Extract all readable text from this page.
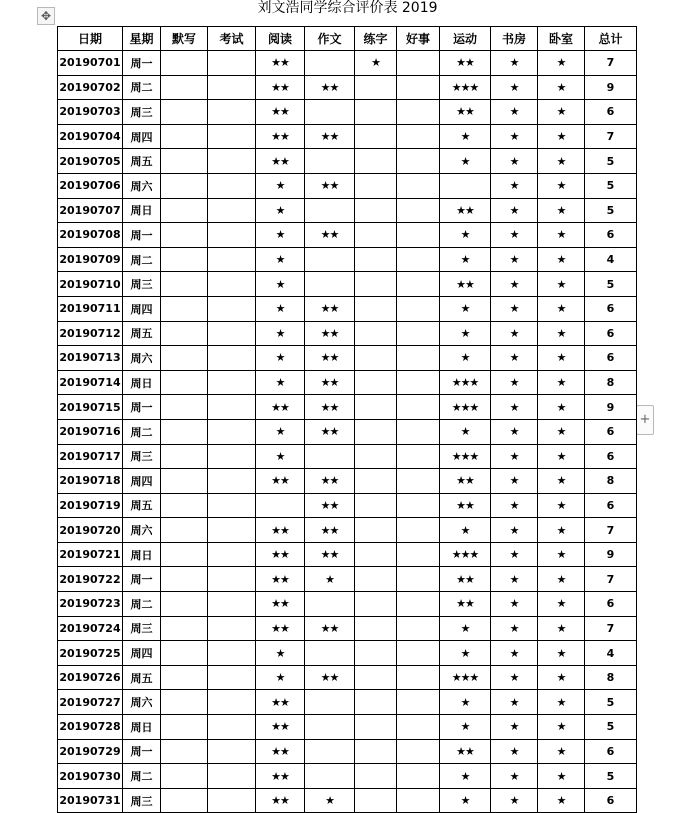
✥	刘文浩同学综合评价表 2019
+
日期	星期	默写	考试	阅读	作文	练字	好事	运动	书房	卧室	总计
20190701	周一			★★		★		★★	★	★	7
20190702	周二			★★	★★			★★★	★	★	9
20190703	周三			★★				★★	★	★	6
20190704	周四			★★	★★			★	★	★	7
20190705	周五			★★				★	★	★	5
20190706	周六			★	★★				★	★	5
20190707	周日			★				★★	★	★	5
20190708	周一			★	★★			★	★	★	6
20190709	周二			★				★	★	★	4
20190710	周三			★				★★	★	★	5
20190711	周四			★	★★			★	★	★	6
20190712	周五			★	★★			★	★	★	6
20190713	周六			★	★★			★	★	★	6
20190714	周日			★	★★			★★★	★	★	8
20190715	周一			★★	★★			★★★	★	★	9
20190716	周二			★	★★			★	★	★	6
20190717	周三			★				★★★	★	★	6
20190718	周四			★★	★★			★★	★	★	8
20190719	周五				★★			★★	★	★	6
20190720	周六			★★	★★			★	★	★	7
20190721	周日			★★	★★			★★★	★	★	9
20190722	周一			★★	★			★★	★	★	7
20190723	周二			★★				★★	★	★	6
20190724	周三			★★	★★			★	★	★	7
20190725	周四			★				★	★	★	4
20190726	周五			★	★★			★★★	★	★	8
20190727	周六			★★				★	★	★	5
20190728	周日			★★				★	★	★	5
20190729	周一			★★				★★	★	★	6
20190730	周二			★★				★	★	★	5
20190731	周三			★★	★			★	★	★	6
